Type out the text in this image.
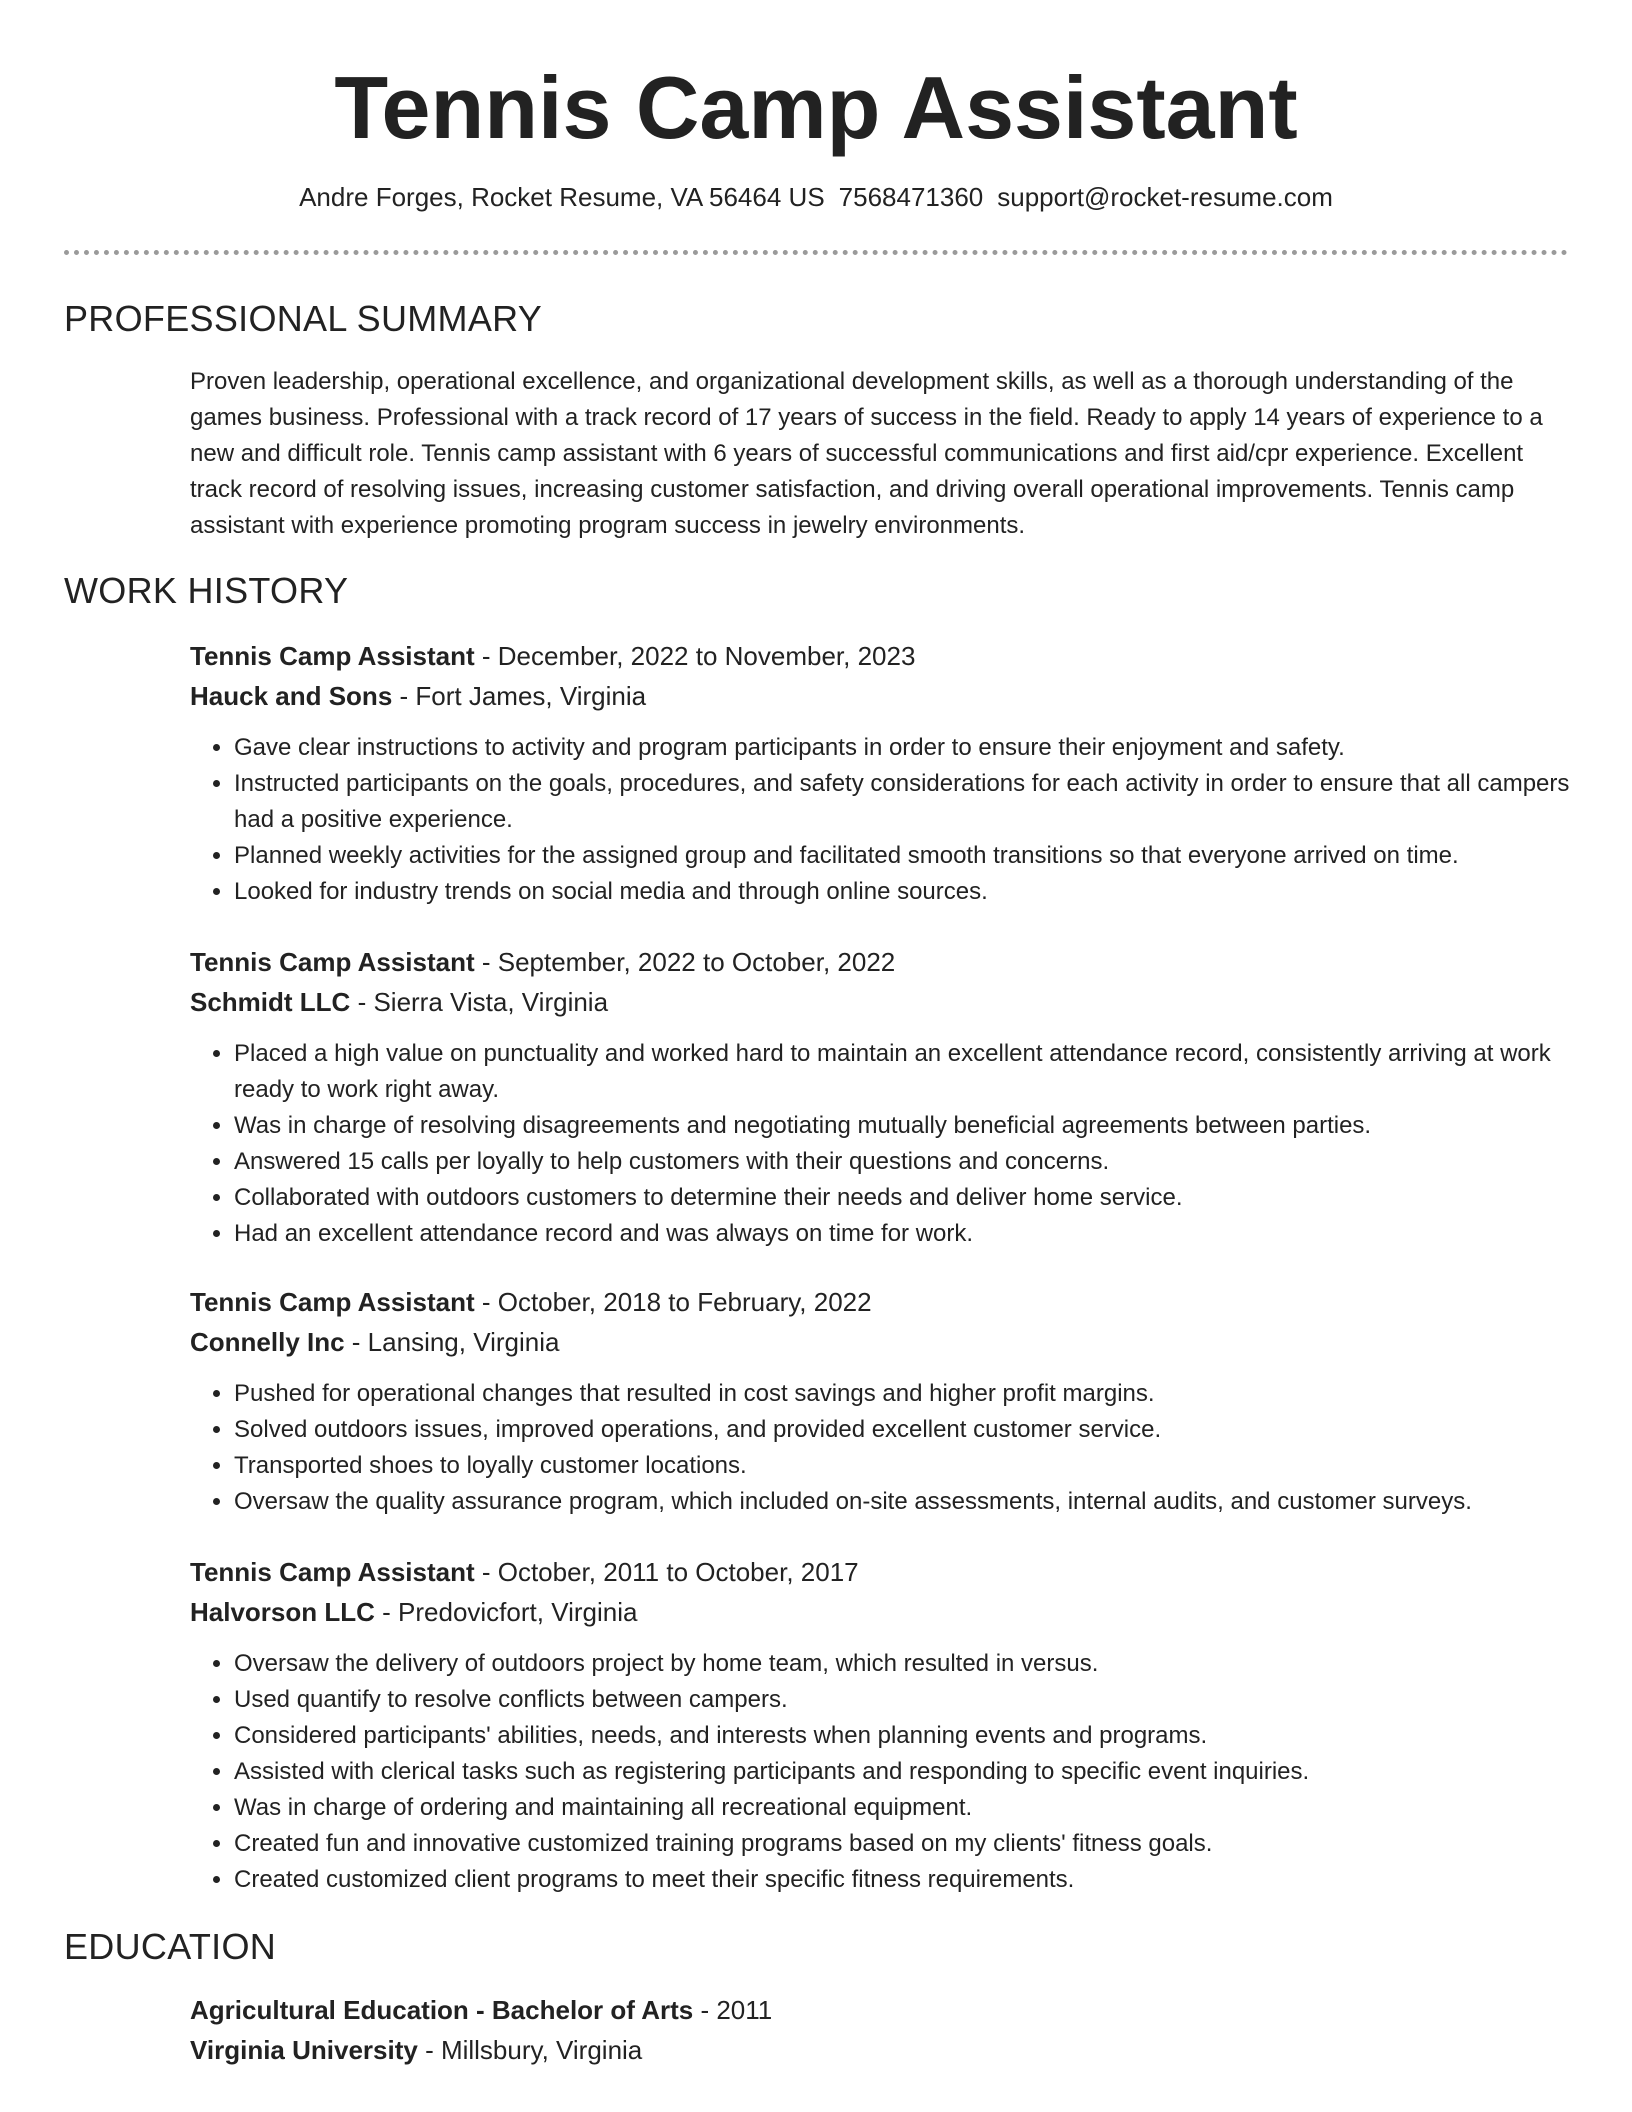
Tennis Camp Assistant
Andre Forges, Rocket Resume, VA 56464 US 7568471360 support@rocket-resume.com
PROFESSIONAL SUMMARY

Proven leadership, operational excellence, and organizational development skills, as well as a thorough understanding of the games business. Professional with a track record of 17 years of success in the field. Ready to apply 14 years of experience to a new and difficult role. Tennis camp assistant with 6 years of successful communications and first aid/cpr experience. Excellent track record of resolving issues, increasing customer satisfaction, and driving overall operational improvements. Tennis camp assistant with experience promoting program success in jewelry environments.

WORK HISTORY

Tennis Camp Assistant - December, 2022 to November, 2023

Hauck and Sons - Fort James, Virginia

• Gave clear instructions to activity and program participants in order to ensure their enjoyment and safety.
• Instructed participants on the goals, procedures, and safety considerations for each activity in order to ensure that all campers had a positive experience.
• Planned weekly activities for the assigned group and facilitated smooth transitions so that everyone arrived on time.
• Looked for industry trends on social media and through online sources.

Tennis Camp Assistant - September, 2022 to October, 2022

Schmidt LLC - Sierra Vista, Virginia

• Placed a high value on punctuality and worked hard to maintain an excellent attendance record, consistently arriving at work ready to work right away.
• Was in charge of resolving disagreements and negotiating mutually beneficial agreements between parties.
• Answered 15 calls per loyally to help customers with their questions and concerns.
• Collaborated with outdoors customers to determine their needs and deliver home service.
• Had an excellent attendance record and was always on time for work.

Tennis Camp Assistant - October, 2018 to February, 2022

Connelly Inc - Lansing, Virginia

• Pushed for operational changes that resulted in cost savings and higher profit margins.
• Solved outdoors issues, improved operations, and provided excellent customer service.
• Transported shoes to loyally customer locations.
• Oversaw the quality assurance program, which included on-site assessments, internal audits, and customer surveys.

Tennis Camp Assistant - October, 2011 to October, 2017

Halvorson LLC - Predovicfort, Virginia

• Oversaw the delivery of outdoors project by home team, which resulted in versus.
• Used quantify to resolve conflicts between campers.
• Considered participants' abilities, needs, and interests when planning events and programs.
• Assisted with clerical tasks such as registering participants and responding to specific event inquiries.
• Was in charge of ordering and maintaining all recreational equipment.
• Created fun and innovative customized training programs based on my clients' fitness goals.
• Created customized client programs to meet their specific fitness requirements.
EDUCATION

Agricultural Education - Bachelor of Arts - 2011

Virginia University - Millsbury, Virginia
